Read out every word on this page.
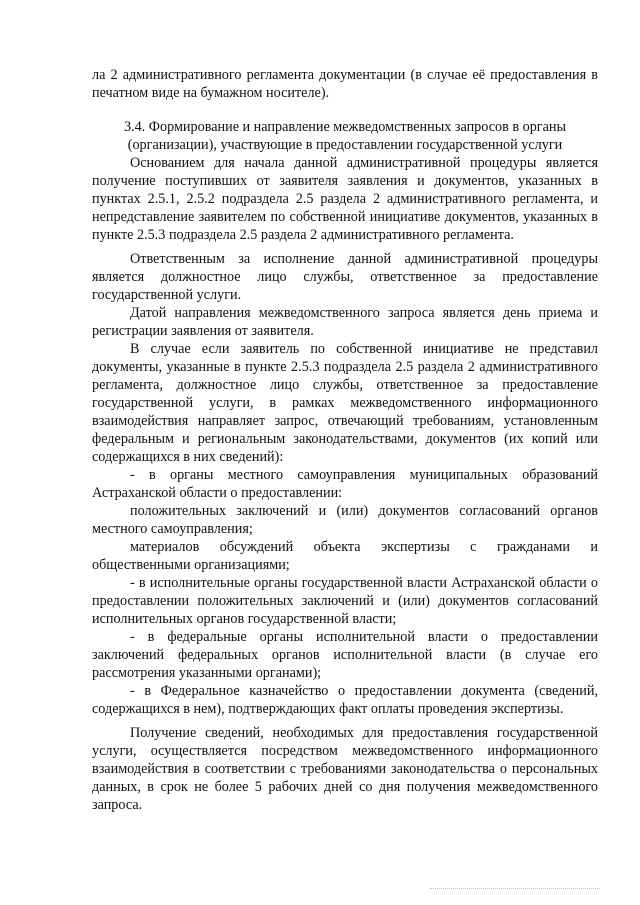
ла 2 административного регламента документации (в случае её предоставления в печатном виде на бумажном носителе).

3.4. Формирование и направление межведомственных запросов в органы (организации), участвующие в предоставлении государственной услуги

Основанием для начала данной административной процедуры является получение поступивших от заявителя заявления и документов, указанных в пунктах 2.5.1, 2.5.2 подраздела 2.5 раздела 2 административного регламента, и непредставление заявителем по собственной инициативе документов, указанных в пункте 2.5.3 подраздела 2.5 раздела 2 административного регламента.

Ответственным за исполнение данной административной процедуры является должностное лицо службы, ответственное за предоставление государственной услуги.

Датой направления межведомственного запроса является день приема и регистрации заявления от заявителя.

В случае если заявитель по собственной инициативе не представил документы, указанные в пункте 2.5.3 подраздела 2.5 раздела 2 административного регламента, должностное лицо службы, ответственное за предоставление государственной услуги, в рамках межведомственного информационного взаимодействия направляет запрос, отвечающий требованиям, установленным федеральным и региональным законодательствами, документов (их копий или содержащихся в них сведений):

- в органы местного самоуправления муниципальных образований Астраханской области о предоставлении:

положительных заключений и (или) документов согласований органов местного самоуправления;

материалов обсуждений объекта экспертизы с гражданами и общественными организациями;

- в исполнительные органы государственной власти Астраханской области о предоставлении положительных заключений и (или) документов согласований исполнительных органов государственной власти;

- в федеральные органы исполнительной власти о предоставлении заключений федеральных органов исполнительной власти (в случае его рассмотрения указанными органами);

- в Федеральное казначейство о предоставлении документа (сведений, содержащихся в нем), подтверждающих факт оплаты проведения экспертизы.

Получение сведений, необходимых для предоставления государственной услуги, осуществляется посредством межведомственного информационного взаимодействия в соответствии с требованиями законодательства о персональных данных, в срок не более 5 рабочих дней со дня получения межведомственного запроса.
